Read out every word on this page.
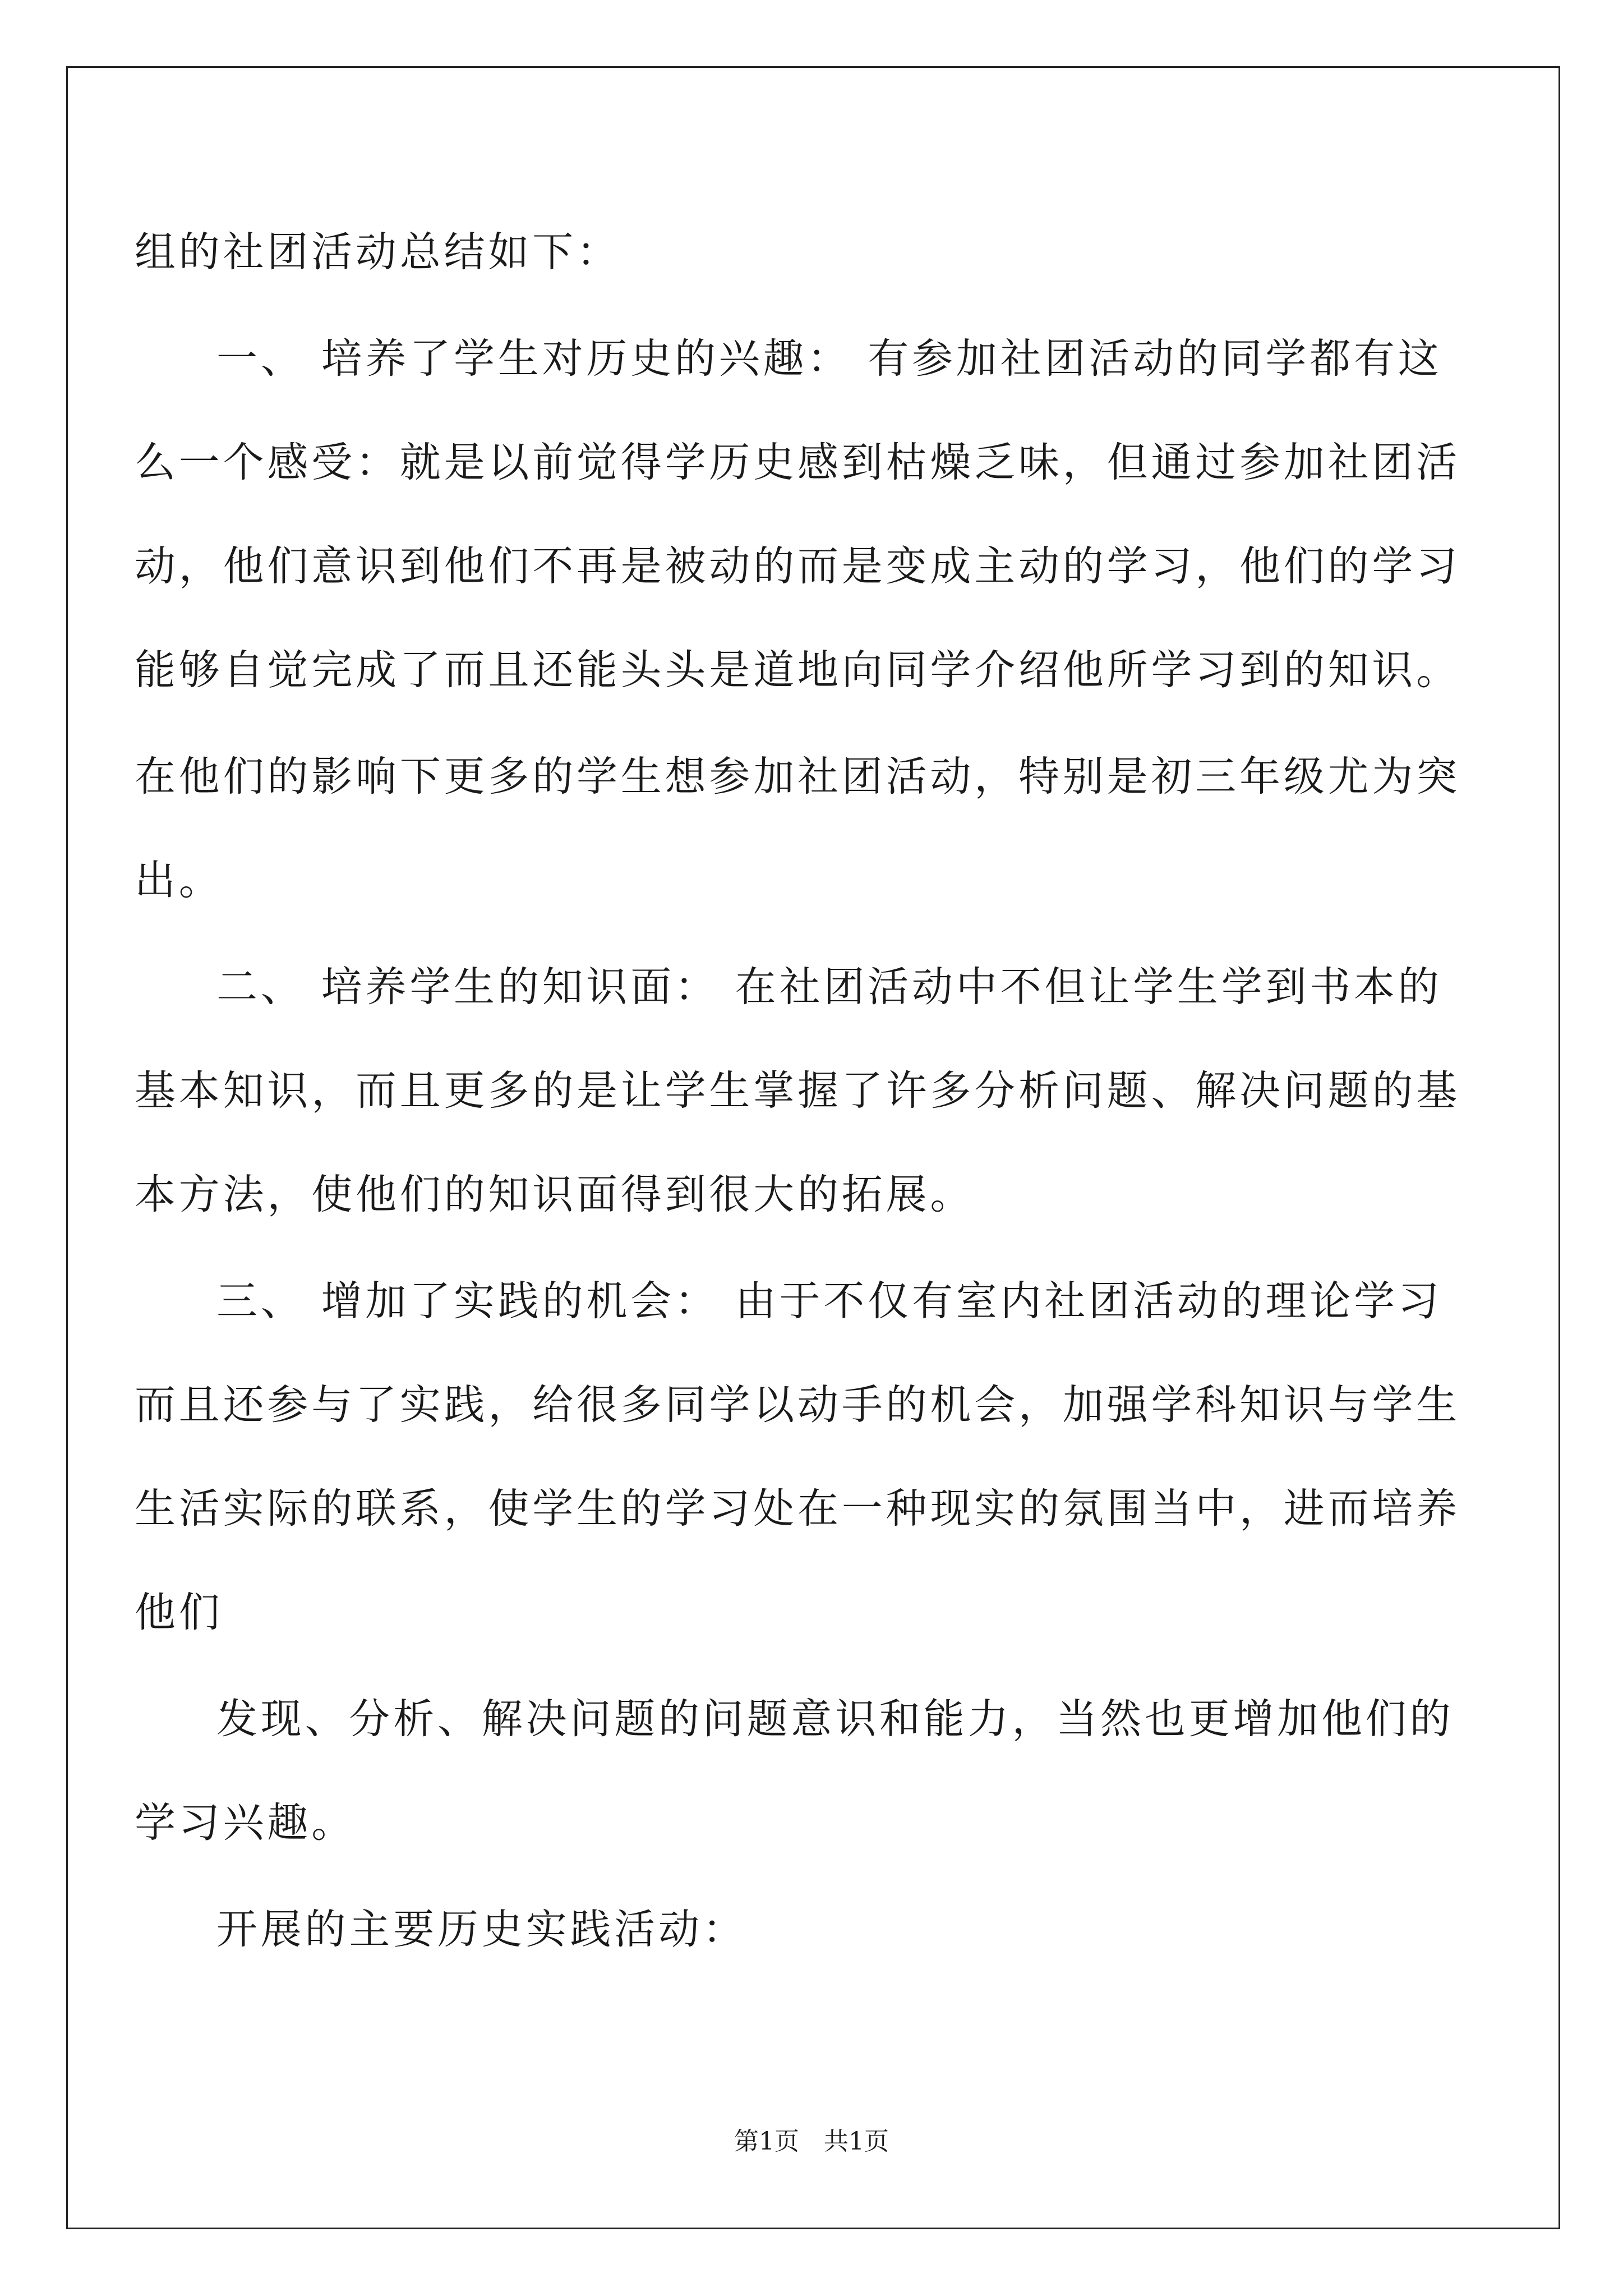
组的社团活动总结如下：
一、 培养了学生对历史的兴趣： 有参加社团活动的同学都有这
么一个感受：就是以前觉得学历史感到枯燥乏味，但通过参加社团活
动，他们意识到他们不再是被动的而是变成主动的学习，他们的学习
能够自觉完成了而且还能头头是道地向同学介绍他所学习到的知识。
在他们的影响下更多的学生想参加社团活动，特别是初三年级尤为突
出。
二、 培养学生的知识面： 在社团活动中不但让学生学到书本的
基本知识，而且更多的是让学生掌握了许多分析问题、解决问题的基
本方法，使他们的知识面得到很大的拓展。
三、 增加了实践的机会： 由于不仅有室内社团活动的理论学习
而且还参与了实践，给很多同学以动手的机会，加强学科知识与学生
生活实际的联系，使学生的学习处在一种现实的氛围当中，进而培养
他们
发现、分析、解决问题的问题意识和能力，当然也更增加他们的
学习兴趣。
开展的主要历史实践活动：
第1页　共1页
